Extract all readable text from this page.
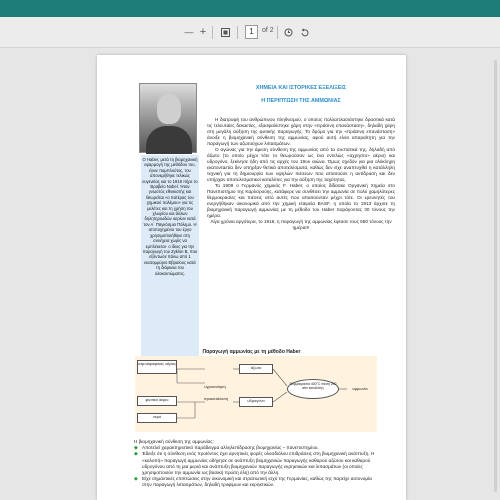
— +	1	of 2
Ο Haber, μετά τη βιομηχανική εφαρμογή της μεθόδου του, έγινε παμπλούτος, του απονεμήθηκε τελικώς ευγενείας και το 1918 πήρε το Βραβείο Nobel. Ήταν γνωστός εθνικιστής και θεωρείται «ο πατέρας του χημικού πολέμου» για τις μελέτες και τη χρήση του χλωρίου και άλλων δηλητηριωδών αερίων κατά τον Α΄ Παγκόσμιο Πόλεμο. Η αποτυχημένοι του έργο χρησιμοποιήθηκε στη συνέχεια χωρίς να εμπλέκεται· ο ίδιος για την παραγωγή του Zyklon B, που εξόντωσε πάνω από 1 εκατομμύριο Εβραίους κατά τη διάρκεια του ολοκαυτώματος.
ΧΗΜΕΙΑ ΚΑΙ ΙΣΤΟΡΙΚΕΣ ΕΞΕΛΙΞΕΙΣ
Η ΠΕΡΙΠΤΩΣΗ ΤΗΣ ΑΜΜΩΝΙΑΣ

Η διατροφή του ανθρώπινου πληθυσμού, ο οποίος πολλαπλασιάστηκε δραστικά κατά τις τελευταίες δεκαετίες, εξασφαλίστηκε χάρη στην «πράσινη επανάσταση», δηλαδή χάρη στη μεγάλη αύξηση της φυτικής παραγωγής. Το δρόμο για την «πράσινη επανάσταση» άνοιξε η βιομηχανική σύνθεση της αμμωνίας, αφού αυτή είναι απαραίτητη για την παραγωγή των αζωτούχων λιπασμάτων.

Ο αγώνας για την άμεση σύνθεση της αμμωνίας από τα συστατικά της, δηλαδή από άζωτο (το οποίο μέχρι τότε το θεωρούσαν ως ένα εντελώς «αχρηστο» αέριο) και υδρογόνο, ξεκίνησε ήδη από τις αρχές του 19ου αιώνα. Όμως σχεδόν για μια ολόκληρη εκατονταετία δεν υπήρξαν θετικά αποτελέσματα, καθώς δεν είχε αναπτυχθεί η κατάλληλη τεχνική για τη δημιουργία των υψηλών πιέσεων που απαιτούσε η αντίδραση και δεν υπήρχαν αποτελεσματικοί καταλύτες για την αύξηση της ταχύτητας.

Το 1909 ο Γερμανός χημικός F. Haber, ο οποίος δίδασκε Οργανική Χημεία στο Πανεπιστήμιο της Καρλσρούης, κατάφερε να συνθέσει την αμμωνία σε πολύ χαμηλότερες θερμοκρασίες και πιέσεις από αυτές που απαιτούνταν μέχρι τότε. Οι ερευνητές του ενεργήθηκαν οικονομικά από την χημική εταιρεία BASF, η οποία το 1913 άρχισε τη βιομηχανική παραγωγή αμμωνίας με τη μέθοδο του Haber παράγοντας 30 τόνους την ημέρα.

Λίγα χρόνια αργότερα, το 1916, η παραγωγή της αμμωνίας έφτασε τους 550 τόνους την ημέρα!!!

Παραγωγή αμμωνίας με τη μέθοδο Haber
ατμοσφαιρικός αέρας
φυσικό αέριο
νερό
υγροποίηση
άζωτο
προκατάλυση	υδρογόνο
Θερμοκρασία 400°C πίεση 200 atm καταλύτης	αμμωνία
Η βιομηχανική σύνθεση της αμμωνίας:
◆ Αποτελεί χαρακτηριστικό παράδειγμα αλληλεπίδρασης βιομηχανίας – πανεπιστημίου.
◆ Έδειξε ότι η σύνθεση ενός προϊόντος έχει αρνητικές φορές ολοσδιόλου επιδράσεις στη βιομηχανική ανάπτυξη. Η «καλοπή» παραγωγή αμμωνίας οδήγησε σε ανάπτυξη βιομηχανιών παραγωγής καθαρού αζώτου και καθαρού υδρογόνου από τη μια μεριά και ανάπτυξη βιομηχανιών παραγωγής εκρηκτικών και λιπασμάτων (οι οποίες χρησιμοποιούν την αμμωνία ως βασική πρώτη ύλη) από την άλλη.
◆ Είχε σημαντικές επιπτώσεις στην οικονομική και στρατιωτική ισχύ της Γερμανίας, καθώς της παρείχε αυτονομία στην παραγωγή λιπασμάτων, δηλαδή τροφίμων και εκρηκτικών.
